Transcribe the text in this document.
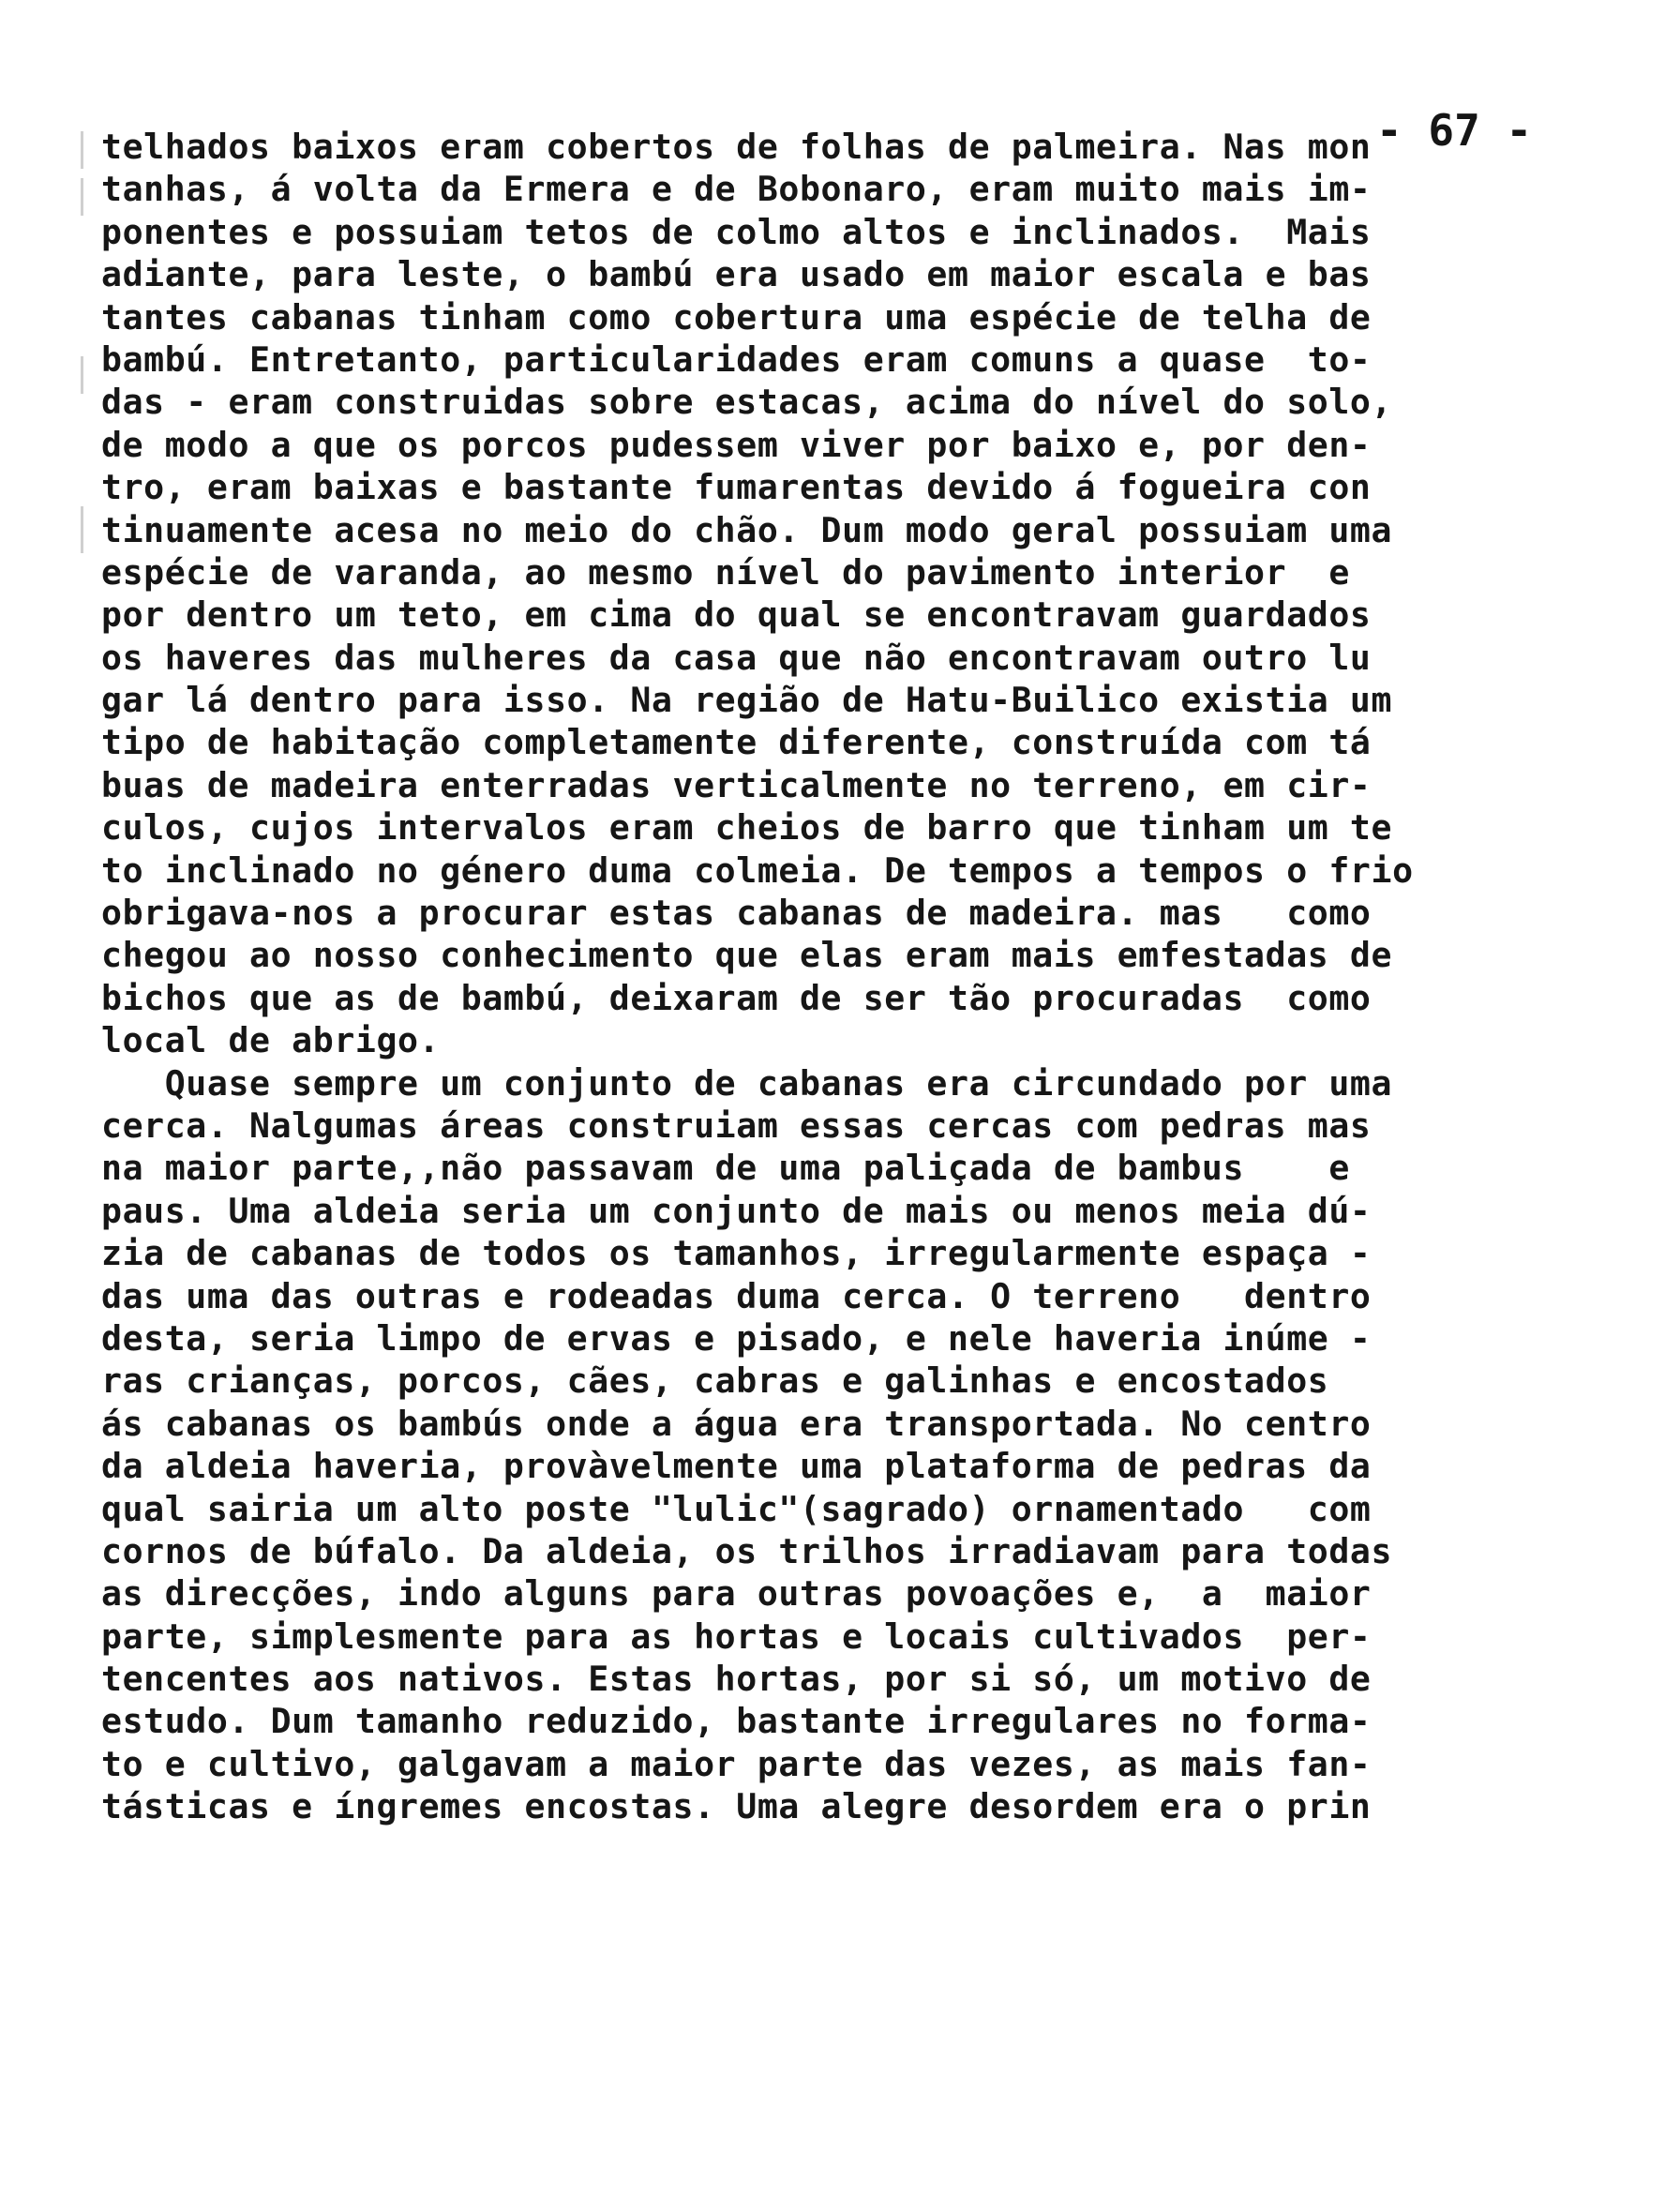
- 67 -
telhados baixos eram cobertos de folhas de palmeira. Nas mon
tanhas, á volta da Ermera e de Bobonaro, eram muito mais im-
ponentes e possuiam tetos de colmo altos e inclinados.  Mais
adiante, para leste, o bambú era usado em maior escala e bas
tantes cabanas tinham como cobertura uma espécie de telha de
bambú. Entretanto, particularidades eram comuns a quase  to-
das - eram construidas sobre estacas, acima do nível do solo,
de modo a que os porcos pudessem viver por baixo e, por den-
tro, eram baixas e bastante fumarentas devido á fogueira con
tinuamente acesa no meio do chão. Dum modo geral possuiam uma
espécie de varanda, ao mesmo nível do pavimento interior  e
por dentro um teto, em cima do qual se encontravam guardados
os haveres das mulheres da casa que não encontravam outro lu
gar lá dentro para isso. Na região de Hatu-Builico existia um
tipo de habitação completamente diferente, construída com tá
buas de madeira enterradas verticalmente no terreno, em cir-
culos, cujos intervalos eram cheios de barro que tinham um te
to inclinado no género duma colmeia. De tempos a tempos o frio
obrigava-nos a procurar estas cabanas de madeira. mas   como
chegou ao nosso conhecimento que elas eram mais emfestadas de
bichos que as de bambú, deixaram de ser tão procuradas  como
local de abrigo.
Quase sempre um conjunto de cabanas era circundado por uma
cerca. Nalgumas áreas construiam essas cercas com pedras mas
na maior parte,,não passavam de uma paliçada de bambus    e
paus. Uma aldeia seria um conjunto de mais ou menos meia dú-
zia de cabanas de todos os tamanhos, irregularmente espaça -
das uma das outras e rodeadas duma cerca. O terreno   dentro
desta, seria limpo de ervas e pisado, e nele haveria inúme -
ras crianças, porcos, cães, cabras e galinhas e encostados
ás cabanas os bambús onde a água era transportada. No centro
da aldeia haveria, provàvelmente uma plataforma de pedras da
qual sairia um alto poste "lulic"(sagrado) ornamentado   com
cornos de búfalo. Da aldeia, os trilhos irradiavam para todas
as direcções, indo alguns para outras povoações e,  a  maior
parte, simplesmente para as hortas e locais cultivados  per-
tencentes aos nativos. Estas hortas, por si só, um motivo de
estudo. Dum tamanho reduzido, bastante irregulares no forma-
to e cultivo, galgavam a maior parte das vezes, as mais fan-
tásticas e íngremes encostas. Uma alegre desordem era o prin
